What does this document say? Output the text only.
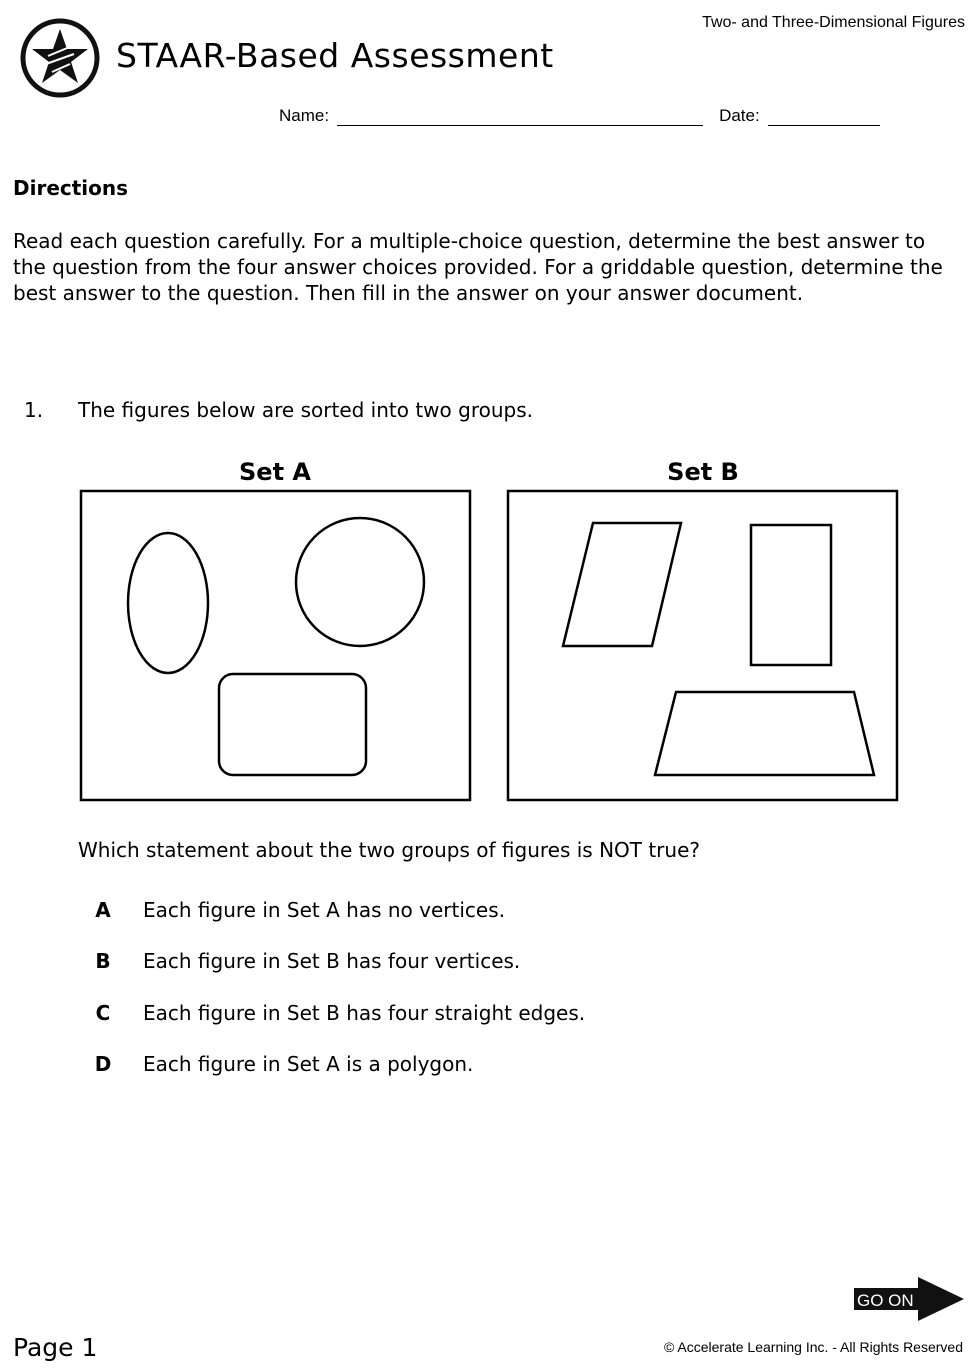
Two- and Three-Dimensional Figures
STAAR-Based Assessment
Name:	Date:
Directions
Read each question carefully. For a multiple-choice question, determine the best answer to the question from the four answer choices provided. For a griddable question, determine the best answer to the question. Then fill in the answer on your answer document.
1. The figures below are sorted into two groups.
Set A	Set B
Which statement about the two groups of figures is NOT true?
A Each figure in Set A has no vertices.
B Each figure in Set B has four vertices.
C Each figure in Set B has four straight edges.
D Each figure in Set A is a polygon.
GO ON
Page 1	© Accelerate Learning Inc. - All Rights Reserved
